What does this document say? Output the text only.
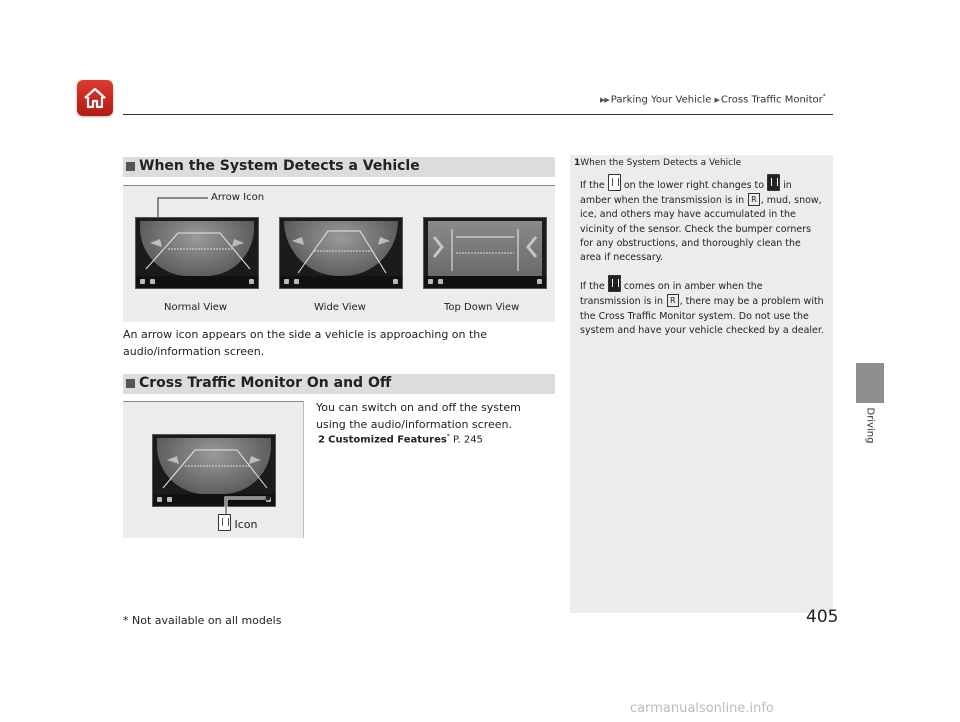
▶▶ Parking Your Vehicle ▶ Cross Traffic Monitor*
Driving
When the System Detects a Vehicle
Arrow Icon
Normal View	Wide View	Top Down View
An arrow icon appears on the side a vehicle is approaching on the audio/information screen.
Cross Traffic Monitor On and Off
Icon
You can switch on and off the system using the audio/information screen.
2 Customized Features* P. 245
1When the System Detects a Vehicle

If the on the lower right changes to in amber when the transmission is in R , mud, snow, ice, and others may have accumulated in the vicinity of the sensor. Check the bumper corners for any obstructions, and thoroughly clean the area if necessary.

If the comes on in amber when the transmission is in R , there may be a problem with the Cross Traffic Monitor system. Do not use the system and have your vehicle checked by a dealer.

* Not available on all models	405
carmanualsonline.info
